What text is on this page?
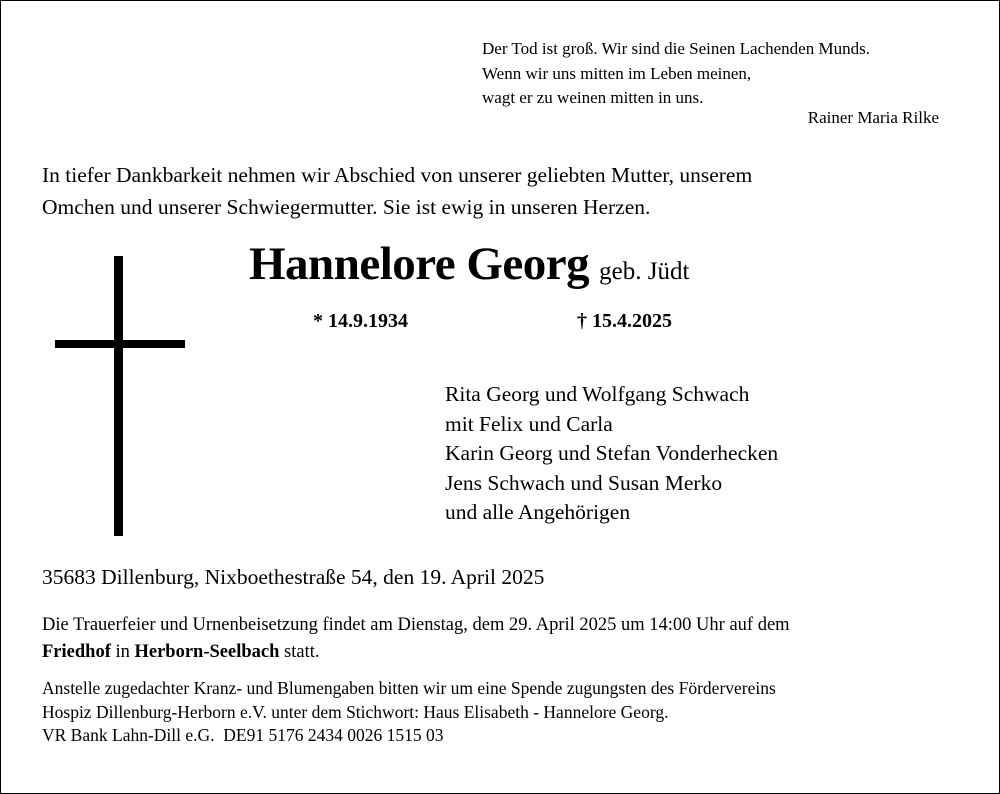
Der Tod ist groß. Wir sind die Seinen Lachenden Munds.
Wenn wir uns mitten im Leben meinen,
wagt er zu weinen mitten in uns.
Rainer Maria Rilke
In tiefer Dankbarkeit nehmen wir Abschied von unserer geliebten Mutter, unserem
Omchen und unserer Schwiegermutter. Sie ist ewig in unseren Herzen.
Hannelore Georg geb. Jüdt
* 14.9.1934	† 15.4.2025
Rita Georg und Wolfgang Schwach
mit Felix und Carla
Karin Georg und Stefan Vonderhecken
Jens Schwach und Susan Merko
und alle Angehörigen
35683 Dillenburg, Nixboethestraße 54, den 19. April 2025
Die Trauerfeier und Urnenbeisetzung findet am Dienstag, dem 29. April 2025 um 14:00 Uhr auf dem
Friedhof in Herborn-Seelbach statt.
Anstelle zugedachter Kranz- und Blumengaben bitten wir um eine Spende zugungsten des Fördervereins
Hospiz Dillenburg-Herborn e.V. unter dem Stichwort: Haus Elisabeth - Hannelore Georg.
VR Bank Lahn-Dill e.G.  DE91 5176 2434 0026 1515 03
